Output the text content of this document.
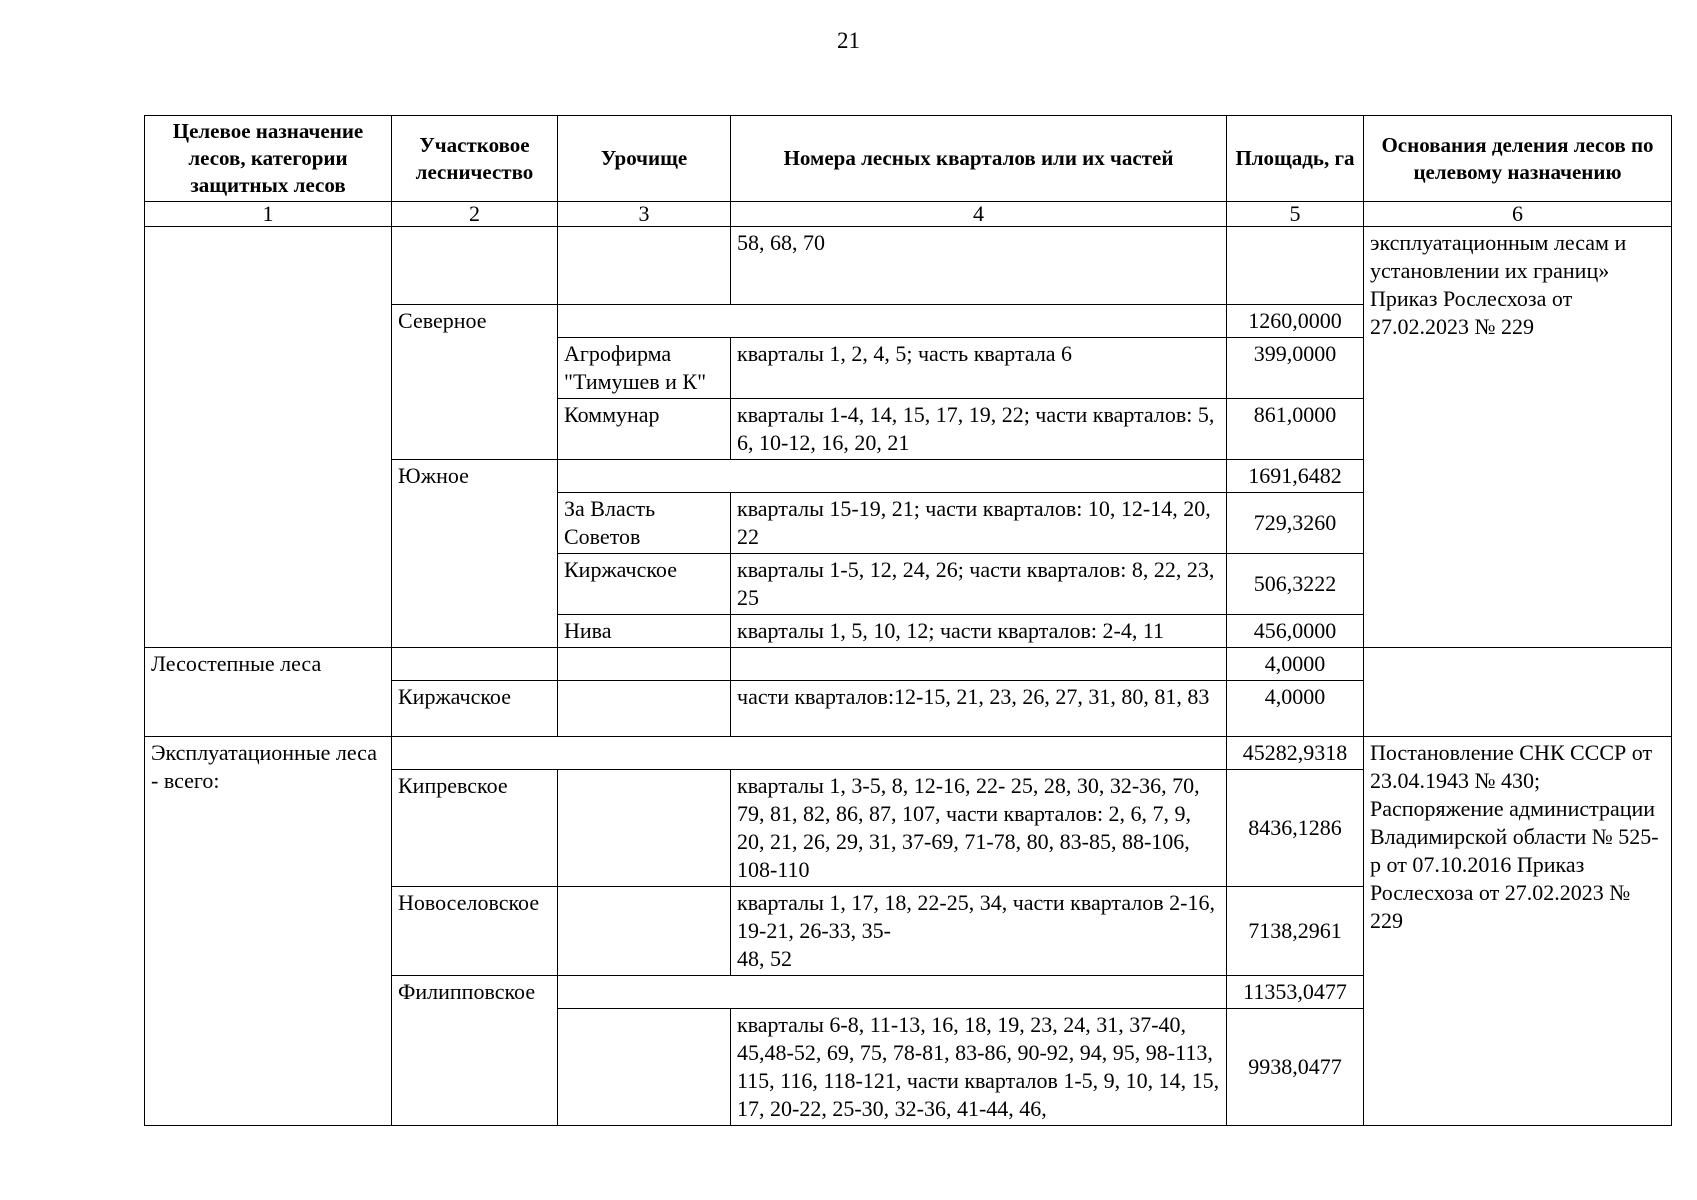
21
Целевое назначение лесов, категории защитных лесов	Участковое лесничество	Урочище	Номера лесных кварталов или их частей	Площадь, га	Основания деления лесов по целевому назначению
1	2	3	4	5	6
			58, 68, 70		эксплуатационным лесам и установлении их границ» Приказ Рослесхоза от 27.02.2023 № 229
	Северное			1260,0000	
		Агрофирма "Тимушев и К"	кварталы 1, 2, 4, 5; часть квартала 6	399,0000	
		Коммунар	кварталы 1-4, 14, 15, 17, 19, 22; части кварталов: 5, 6, 10-12, 16, 20, 21	861,0000	
	Южное			1691,6482	
		За Власть Советов	кварталы 15-19, 21; части кварталов: 10, 12-14, 20, 22	729,3260	
		Киржачское	кварталы 1-5, 12, 24, 26; части кварталов: 8, 22, 23, 25	506,3222	
		Нива	кварталы 1, 5, 10, 12; части кварталов: 2-4, 11	456,0000	
Лесостепные леса				4,0000	
	Киржачское		части кварталов:12-15, 21, 23, 26, 27, 31, 80, 81, 83	4,0000	
Эксплуатационные леса - всего:				45282,9318	Постановление СНК СССР от 23.04.1943 № 430; Распоряжение администрации Владимирской области № 525-р от 07.10.2016 Приказ Рослесхоза от 27.02.2023 № 229
	Кипревское		кварталы 1, 3-5, 8, 12-16, 22- 25, 28, 30, 32-36, 70, 79, 81, 82, 86, 87, 107, части кварталов: 2, 6, 7, 9, 20, 21, 26, 29, 31, 37-69, 71-78, 80, 83-85, 88-106, 108-110	8436,1286	
	Новоселовское		кварталы 1, 17, 18, 22-25, 34, части кварталов 2-16, 19-21, 26-33, 35-
48, 52	7138,2961	
	Филипповское			11353,0477	
			кварталы 6-8, 11-13, 16, 18, 19, 23, 24, 31, 37-40, 45,48-52, 69, 75, 78-81, 83-86, 90-92, 94, 95, 98-113, 115, 116, 118-121, части кварталов 1-5, 9, 10, 14, 15, 17, 20-22, 25-30, 32-36, 41-44, 46,	9938,0477	
